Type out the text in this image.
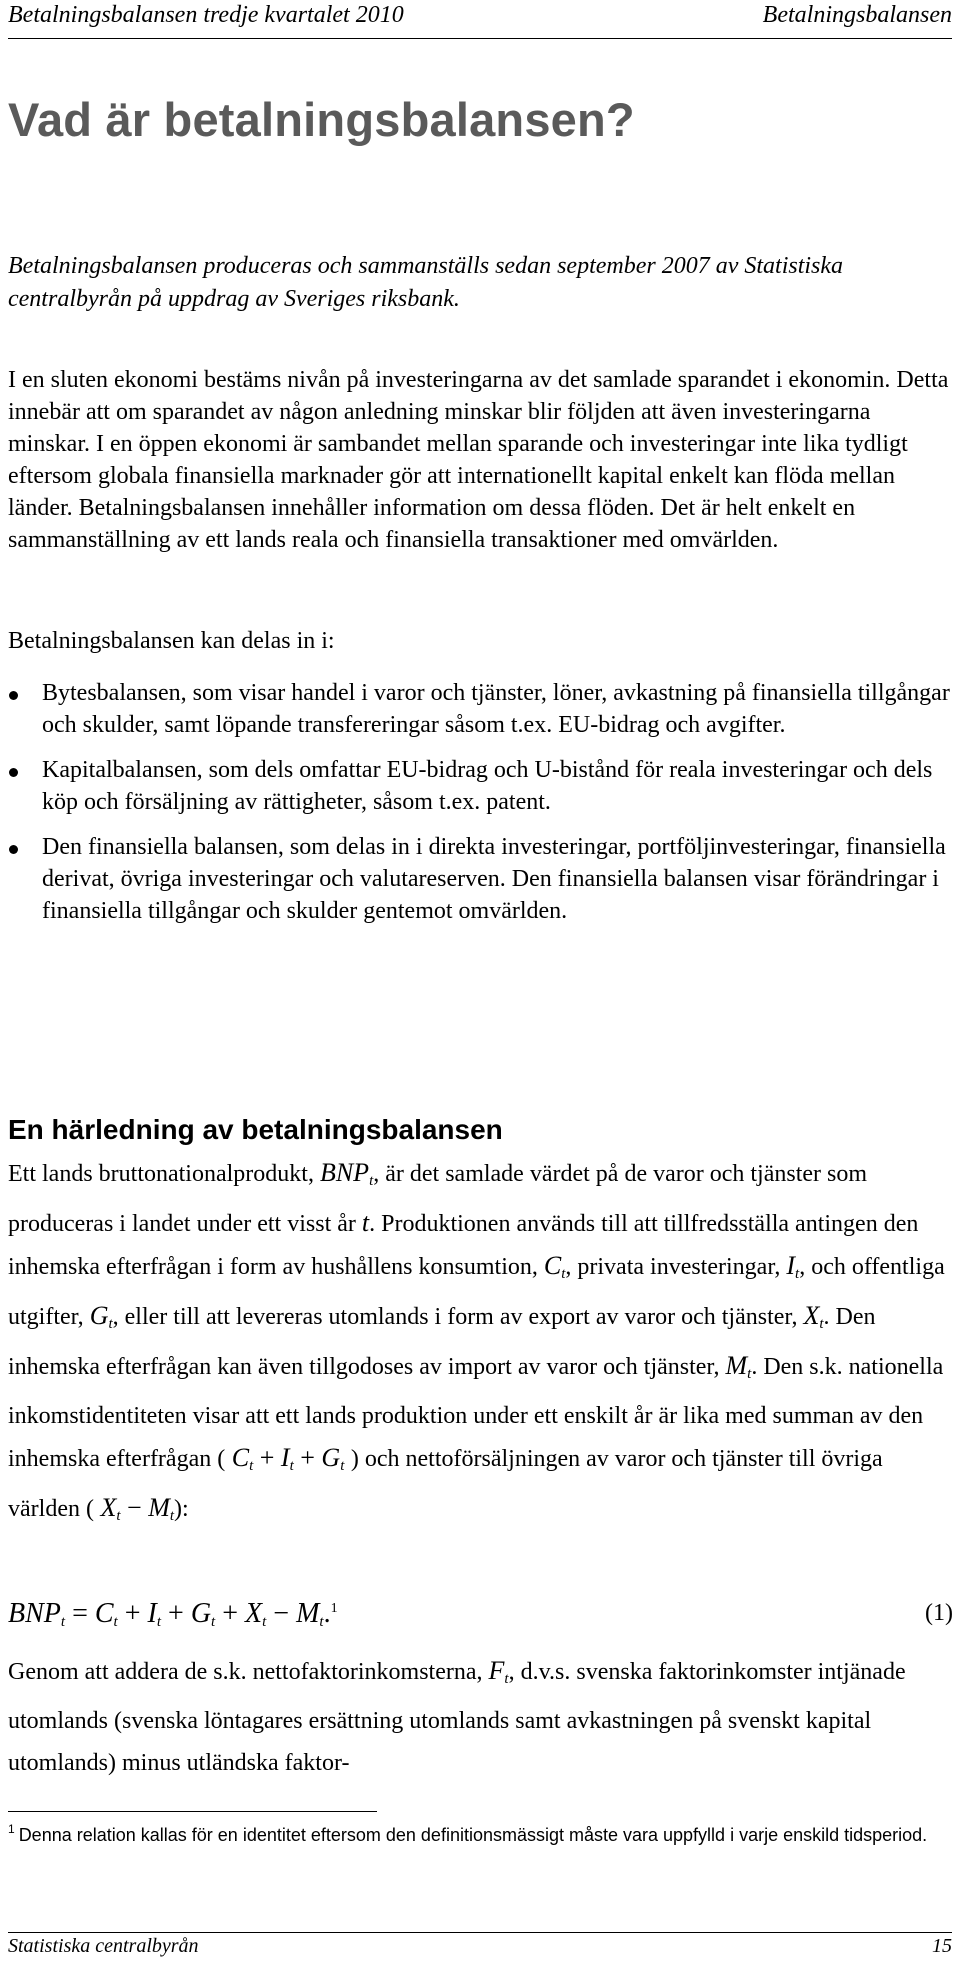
Betalningsbalansen tredje kvartalet 2010	Betalningsbalansen
Vad är betalningsbalansen?

Betalningsbalansen produceras och sammanställs sedan september 2007 av Statistiska centralbyrån på uppdrag av Sveriges riksbank.

I en sluten ekonomi bestäms nivån på investeringarna av det samlade sparandet i ekonomin. Detta innebär att om sparandet av någon anledning minskar blir följden att även investeringarna minskar. I en öppen ekonomi är sambandet mellan sparande och investeringar inte lika tydligt eftersom globala finansiella marknader gör att internationellt kapital enkelt kan flöda mellan länder. Betalningsbalansen innehåller information om dessa flöden. Det är helt enkelt en sammanställning av ett lands reala och finansiella transaktioner med omvärlden.

Betalningsbalansen kan delas in i:

Bytesbalansen, som visar handel i varor och tjänster, löner, avkastning på finansiella tillgångar och skulder, samt löpande transfereringar såsom t.ex. EU-bidrag och avgifter.
Kapitalbalansen, som dels omfattar EU-bidrag och U-bistånd för reala investeringar och dels köp och försäljning av rättigheter, såsom t.ex. patent.
Den finansiella balansen, som delas in i direkta investeringar, portföljinvesteringar, finansiella derivat, övriga investeringar och valutareserven. Den finansiella balansen visar förändringar i finansiella tillgångar och skulder gentemot omvärlden.
En härledning av betalningsbalansen

Ett lands bruttonationalprodukt, $BNP_t$, är det samlade värdet på de varor och tjänster som produceras i landet under ett visst år t. Produktionen används till att tillfredsställa antingen den inhemska efterfrågan i form av hushållens konsumtion, $C_t$, privata investeringar, $I_t$, och offentliga utgifter, $G_t$, eller till att levereras utomlands i form av export av varor och tjänster, $X_t$. Den inhemska efterfrågan kan även tillgodoses av import av varor och tjänster, $M_t$. Den s.k. nationella inkomstidentiteten visar att ett lands produktion under ett enskilt år är lika med summan av den inhemska efterfrågan ( $C_t + I_t + G_t$ ) och nettoförsäljningen av varor och tjänster till övriga världen ( $X_t - M_t$):

$BNP_t = C_t + I_t + G_t + X_t - M_t.^1$	(1)

Genom att addera de s.k. nettofaktorinkomsterna, $F_t$, d.v.s. svenska faktorinkomster intjänade utomlands (svenska löntagares ersättning utomlands samt avkastningen på svenskt kapital utomlands) minus utländska faktor-

$^1$ Denna relation kallas för en identitet eftersom den definitionsmässigt måste vara uppfylld i varje enskild tidsperiod.

Statistiska centralbyrån	15
